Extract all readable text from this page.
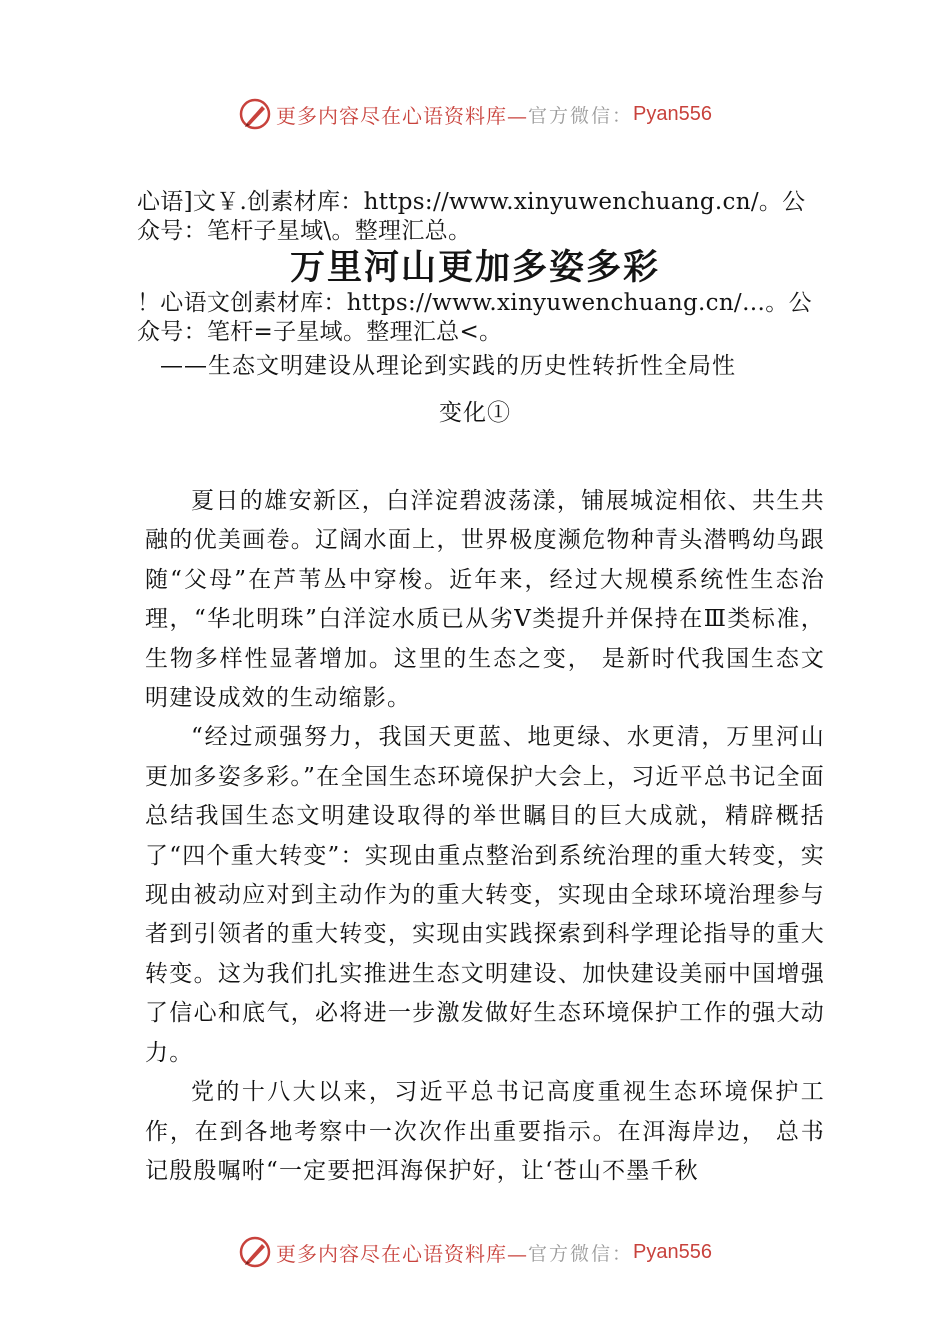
更多内容尽在心语资料库— 官方微信： Pyan556
心语]文￥.创素材库：https://www.xinyuwenchuang.cn/。公众号：笔杆子星域\。整理汇总。
万里河山更加多姿多彩
！心语文创素材库：https://www.xinyuwenchuang.cn/…。公众号：笔杆=子星域。整理汇总<。
——生态文明建设从理论到实践的历史性转折性全局性
变化①

夏日的雄安新区，白洋淀碧波荡漾，铺展城淀相依、共生共融的优美画卷。辽阔水面上，世界极度濒危物种青头潜鸭幼鸟跟随“父母”在芦苇丛中穿梭。近年来，经过大规模系统性生态治理，“华北明珠”白洋淀水质已从劣Ⅴ类提升并保持在Ⅲ类标准，生物多样性显著增加。这里的生态之变， 是新时代我国生态文明建设成效的生动缩影。

“经过顽强努力，我国天更蓝、地更绿、水更清，万里河山更加多姿多彩。”在全国生态环境保护大会上，习近平总书记全面总结我国生态文明建设取得的举世瞩目的巨大成就，精辟概括了“四个重大转变”：实现由重点整治到系统治理的重大转变，实现由被动应对到主动作为的重大转变，实现由全球环境治理参与者到引领者的重大转变，实现由实践探索到科学理论指导的重大转变。这为我们扎实推进生态文明建设、加快建设美丽中国增强了信心和底气，必将进一步激发做好生态环境保护工作的强大动力。

党的十八大以来，习近平总书记高度重视生态环境保护工作，在到各地考察中一次次作出重要指示。在洱海岸边， 总书记殷殷嘱咐“一定要把洱海保护好，让‘苍山不墨千秋

更多内容尽在心语资料库— 官方微信： Pyan556
